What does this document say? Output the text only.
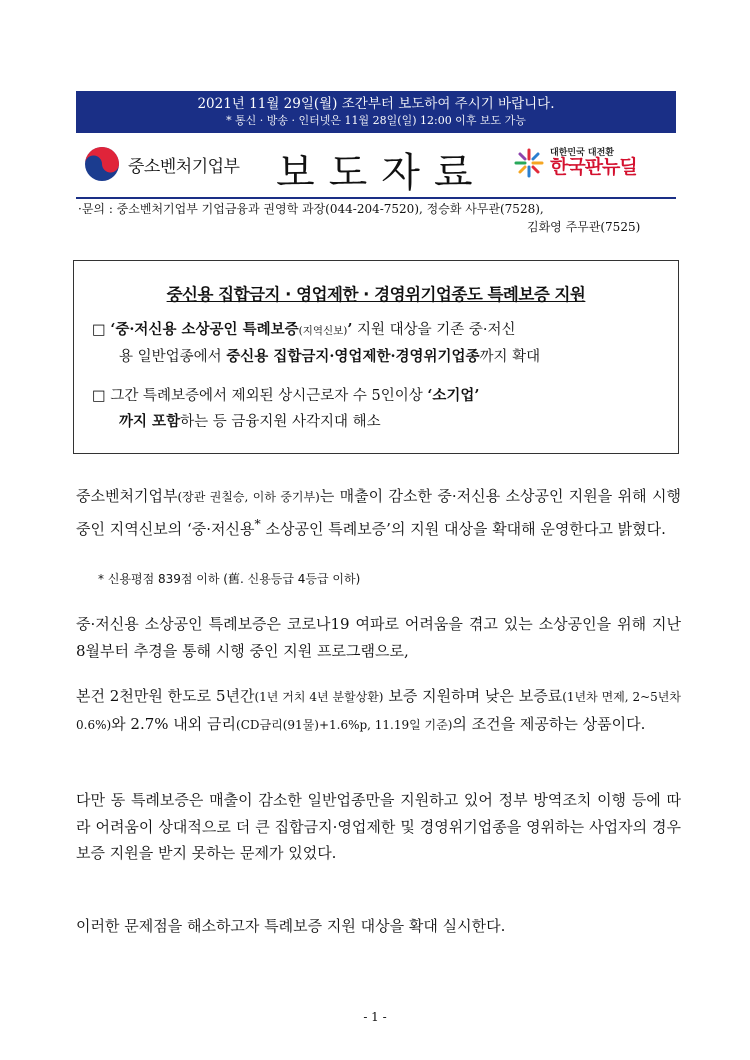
2021년 11월 29일(월) 조간부터 보도하여 주시기 바랍니다.
* 통신 · 방송 · 인터넷은 11월 28일(일) 12:00 이후 보도 가능
중소벤처기업부 보도자료	대한민국 대전환
한국판뉴딜
·문의 : 중소벤처기업부 기업금융과 권영학 과장(044-204-7520), 정승화 사무관(7528),
김화영 주무관(7525)
중신용 집합금지 · 영업제한 · 경영위기업종도 특례보증 지원
□ ‘중·저신용 소상공인 특례보증(지역신보)’ 지원 대상을 기존 중·저신
용 일반업종에서 중신용 집합금지·영업제한·경영위기업종까지 확대
□ 그간 특례보증에서 제외된 상시근로자 수 5인이상 ‘소기업’
까지 포함하는 등 금융지원 사각지대 해소
중소벤처기업부(장관 권칠승, 이하 중기부)는 매출이 감소한 중·저신용 소상공인 지원을 위해 시행 중인 지역신보의 ‘중·저신용* 소상공인 특례보증’의 지원 대상을 확대해 운영한다고 밝혔다.
* 신용평점 839점 이하 (舊. 신용등급 4등급 이하)
중·저신용 소상공인 특례보증은 코로나19 여파로 어려움을 겪고 있는 소상공인을 위해 지난 8월부터 추경을 통해 시행 중인 지원 프로그램으로,
본건 2천만원 한도로 5년간(1년 거치 4년 분할상환) 보증 지원하며 낮은 보증료(1년차 면제, 2~5년차 0.6%)와 2.7% 내외 금리(CD금리(91물)+1.6%p, 11.19일 기준)의 조건을 제공하는 상품이다.
다만 동 특례보증은 매출이 감소한 일반업종만을 지원하고 있어 정부 방역조치 이행 등에 따라 어려움이 상대적으로 더 큰 집합금지·영업제한 및 경영위기업종을 영위하는 사업자의 경우 보증 지원을 받지 못하는 문제가 있었다.
이러한 문제점을 해소하고자 특례보증 지원 대상을 확대 실시한다.
- 1 -
